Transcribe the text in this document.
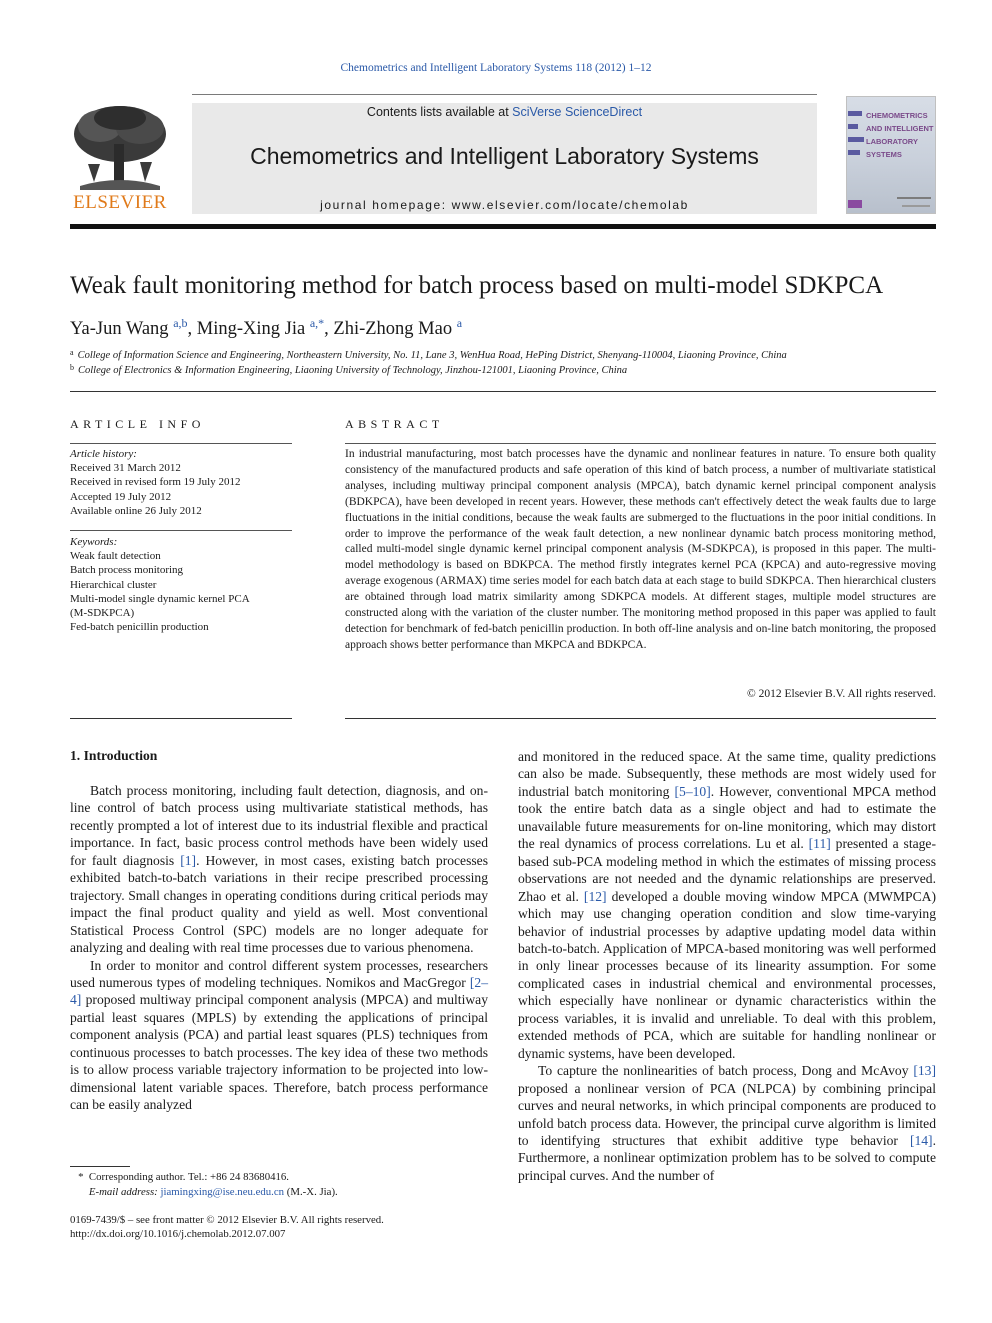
Chemometrics and Intelligent Laboratory Systems 118 (2012) 1–12
ELSEVIER
Contents lists available at SciVerse ScienceDirect
Chemometrics and Intelligent Laboratory Systems
journal homepage: www.elsevier.com/locate/chemolab
CHEMOMETRICS
AND INTELLIGENT
LABORATORY
SYSTEMS
Weak fault monitoring method for batch process based on multi-model SDKPCA
Ya-Jun Wang $^{a,b}$, Ming-Xing Jia $^{a,*}$, Zhi-Zhong Mao $^a$
$^a$ College of Information Science and Engineering, Northeastern University, No. 11, Lane 3, WenHua Road, HePing District, Shenyang-110004, Liaoning Province, China
$^b$ College of Electronics & Information Engineering, Liaoning University of Technology, Jinzhou-121001, Liaoning Province, China
ARTICLE INFO
Article history:
Received 31 March 2012
Received in revised form 19 July 2012
Accepted 19 July 2012
Available online 26 July 2012
Keywords:
Weak fault detection
Batch process monitoring
Hierarchical cluster
Multi-model single dynamic kernel PCA
(M-SDKPCA)
Fed-batch penicillin production
ABSTRACT
In industrial manufacturing, most batch processes have the dynamic and nonlinear features in nature. To ensure both quality consistency of the manufactured products and safe operation of this kind of batch process, a number of multivariate statistical analyses, including multiway principal component analysis (MPCA), batch dynamic kernel principal component analysis (BDKPCA), have been developed in recent years. However, these methods can't effectively detect the weak faults due to large fluctuations in the initial conditions, because the weak faults are submerged to the fluctuations in the poor initial conditions. In order to improve the performance of the weak fault detection, a new nonlinear dynamic batch process monitoring method, called multi-model single dynamic kernel principal component analysis (M-SDKPCA), is proposed in this paper. The multi-model methodology is based on BDKPCA. The method firstly integrates kernel PCA (KPCA) and auto-regressive moving average exogenous (ARMAX) time series model for each batch data at each stage to build SDKPCA. Then hierarchical clusters are obtained through load matrix similarity among SDKPCA models. At different stages, multiple model structures are constructed along with the variation of the cluster number. The monitoring method proposed in this paper was applied to fault detection for benchmark of fed-batch penicillin production. In both off-line analysis and on-line batch monitoring, the proposed approach shows better performance than MKPCA and BDKPCA.
© 2012 Elsevier B.V. All rights reserved.
1. Introduction

Batch process monitoring, including fault detection, diagnosis, and on-line control of batch process using multivariate statistical methods, has recently prompted a lot of interest due to its industrial flexible and practical importance. In fact, basic process control methods have been widely used for fault diagnosis [1]. However, in most cases, existing batch processes exhibited batch-to-batch variations in their recipe prescribed processing trajectory. Small changes in operating conditions during critical periods may impact the final product quality and yield as well. Most conventional Statistical Process Control (SPC) models are no longer adequate for analyzing and dealing with real time processes due to various phenomena.

In order to monitor and control different system processes, researchers used numerous types of modeling techniques. Nomikos and MacGregor [2–4] proposed multiway principal component analysis (MPCA) and multiway partial least squares (MPLS) by extending the applications of principal component analysis (PCA) and partial least squares (PLS) techniques from continuous processes to batch processes. The key idea of these two methods is to allow process variable trajectory information to be projected into low-dimensional latent variable spaces. Therefore, batch process performance can be easily analyzed

and monitored in the reduced space. At the same time, quality predictions can also be made. Subsequently, these methods are most widely used for industrial batch monitoring [5–10]. However, conventional MPCA method took the entire batch data as a single object and had to estimate the unavailable future measurements for on-line monitoring, which may distort the real dynamics of process correlations. Lu et al. [11] presented a stage-based sub-PCA modeling method in which the estimates of missing process observations are not needed and the dynamic relationships are preserved. Zhao et al. [12] developed a double moving window MPCA (MWMPCA) which may use changing operation condition and slow time-varying behavior of industrial processes by adaptive updating model data within batch-to-batch. Application of MPCA-based monitoring was well performed in only linear processes because of its linearity assumption. For some complicated cases in industrial chemical and environmental processes, which especially have nonlinear or dynamic characteristics within the process variables, it is invalid and unreliable. To deal with this problem, extended methods of PCA, which are suitable for handling nonlinear or dynamic systems, have been developed.

To capture the nonlinearities of batch process, Dong and McAvoy [13] proposed a nonlinear version of PCA (NLPCA) by combining principal curves and neural networks, in which principal components are produced to unfold batch process data. However, the principal curve algorithm is limited to identifying structures that exhibit additive type behavior [14]. Furthermore, a nonlinear optimization problem has to be solved to compute principal curves. And the number of

* Corresponding author. Tel.: +86 24 83680416.
E-mail address: jiamingxing@ise.neu.edu.cn (M.-X. Jia).
0169-7439/$ – see front matter © 2012 Elsevier B.V. All rights reserved.
http://dx.doi.org/10.1016/j.chemolab.2012.07.007
